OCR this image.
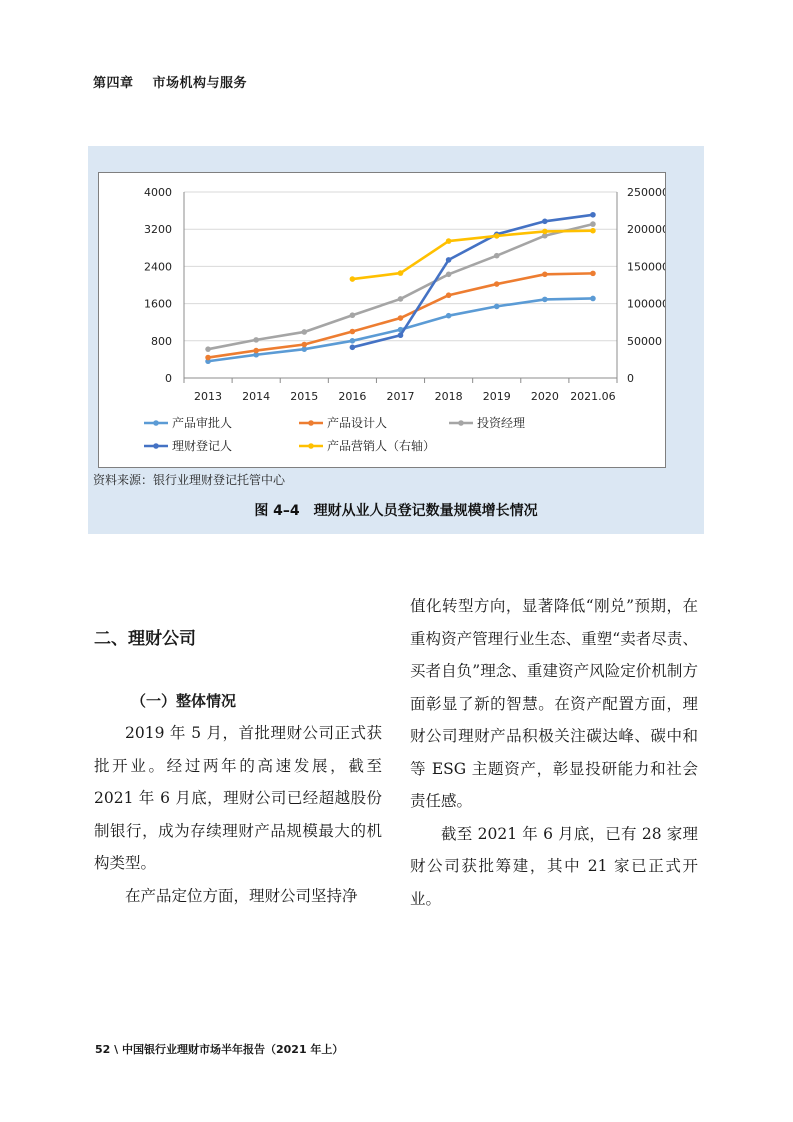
第四章 市场机构与服务
0
800
1600
2400
3200
4000
0
50000
100000
150000
200000
250000
2013 2014 2015 2016 2017 2018 2019 2020 2021.06
产品审批人	产品设计人	投资经理
理财登记人	产品营销人（右轴）
资料来源：银行业理财登记托管中心
图 4–4　理财从业人员登记数量规模增长情况
二、理财公司
（一）整体情况

2019 年 5 月，首批理财公司正式获批开业。经过两年的高速发展，截至 2021 年 6 月底，理财公司已经超越股份制银行，成为存续理财产品规模最大的机构类型。

在产品定位方面，理财公司坚持净

值化转型方向，显著降低“刚兑”预期，在重构资产管理行业生态、重塑“卖者尽责、买者自负”理念、重建资产风险定价机制方面彰显了新的智慧。在资产配置方面，理财公司理财产品积极关注碳达峰、碳中和等 ESG 主题资产，彰显投研能力和社会责任感。

截至 2021 年 6 月底，已有 28 家理财公司获批筹建，其中 21 家已正式开业。

52 \ 中国银行业理财市场半年报告（2021 年上）
